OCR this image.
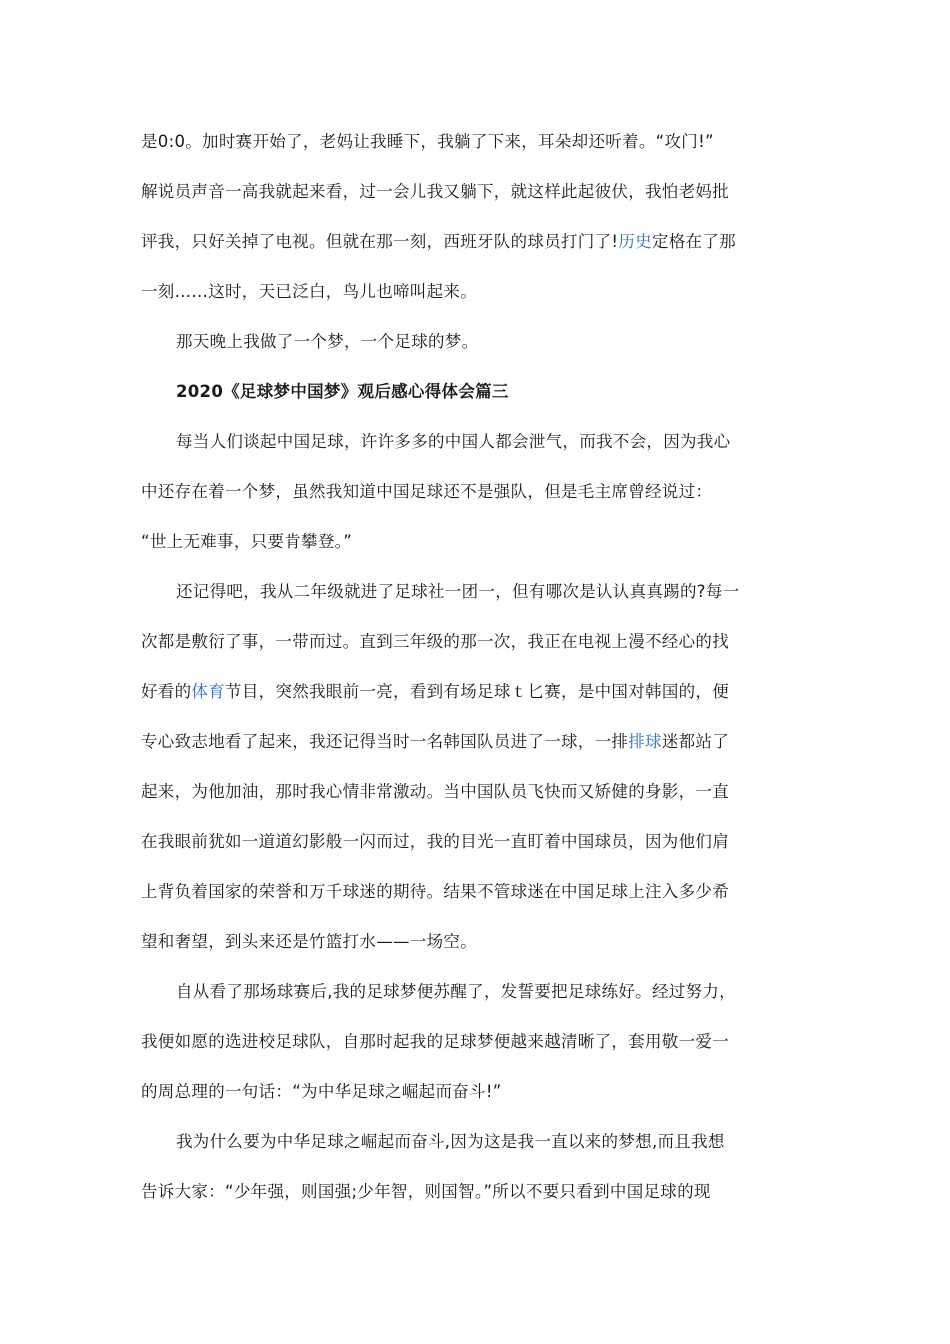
是0:0。加时赛开始了，老妈让我睡下，我躺了下来，耳朵却还听着。“攻门!”
解说员声音一高我就起来看，过一会儿我又躺下，就这样此起彼伏，我怕老妈批
评我，只好关掉了电视。但就在那一刻，西班牙队的球员打门了!历史定格在了那
一刻……这时，天已泛白，鸟儿也啼叫起来。
那天晚上我做了一个梦，一个足球的梦。
2020《足球梦中国梦》观后感心得体会篇三
每当人们谈起中国足球，许许多多的中国人都会泄气，而我不会，因为我心
中还存在着一个梦，虽然我知道中国足球还不是强队，但是毛主席曾经说过：
“世上无难事，只要肯攀登。”
还记得吧，我从二年级就进了足球社一团一，但有哪次是认认真真踢的?每一
次都是敷衍了事，一带而过。直到三年级的那一次，我正在电视上漫不经心的找
好看的体育节目，突然我眼前一亮，看到有场足球ｔ匕赛，是中国对韩国的，便
专心致志地看了起来，我还记得当时一名韩国队员进了一球，一排排球迷都站了
起来，为他加油，那时我心情非常激动。当中国队员飞快而又矫健的身影，一直
在我眼前犹如一道道幻影般一闪而过，我的目光一直盯着中国球员，因为他们肩
上背负着国家的荣誉和万千球迷的期待。结果不管球迷在中国足球上注入多少希
望和奢望，到头来还是竹篮打水——一场空。
自从看了那场球赛后,我的足球梦便苏醒了，发誓要把足球练好。经过努力，
我便如愿的选进校足球队，自那时起我的足球梦便越来越清晰了，套用敬一爱一
的周总理的一句话：“为中华足球之崛起而奋斗!”
我为什么要为中华足球之崛起而奋斗,因为这是我一直以来的梦想,而且我想
告诉大家：“少年强，则国强;少年智，则国智。”所以不要只看到中国足球的现
